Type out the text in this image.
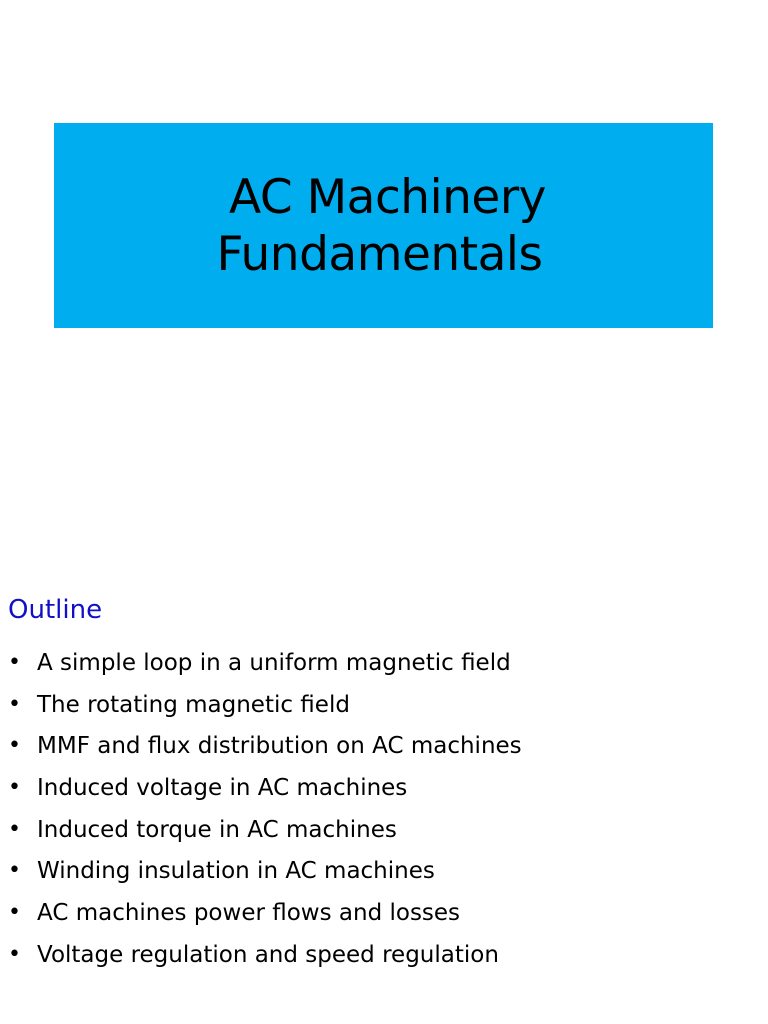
AC Machinery
Fundamentals
Outline
• A simple loop in a uniform magnetic field
• The rotating magnetic field
• MMF and flux distribution on AC machines
• Induced voltage in AC machines
• Induced torque in AC machines
• Winding insulation in AC machines
• AC machines power flows and losses
• Voltage regulation and speed regulation
